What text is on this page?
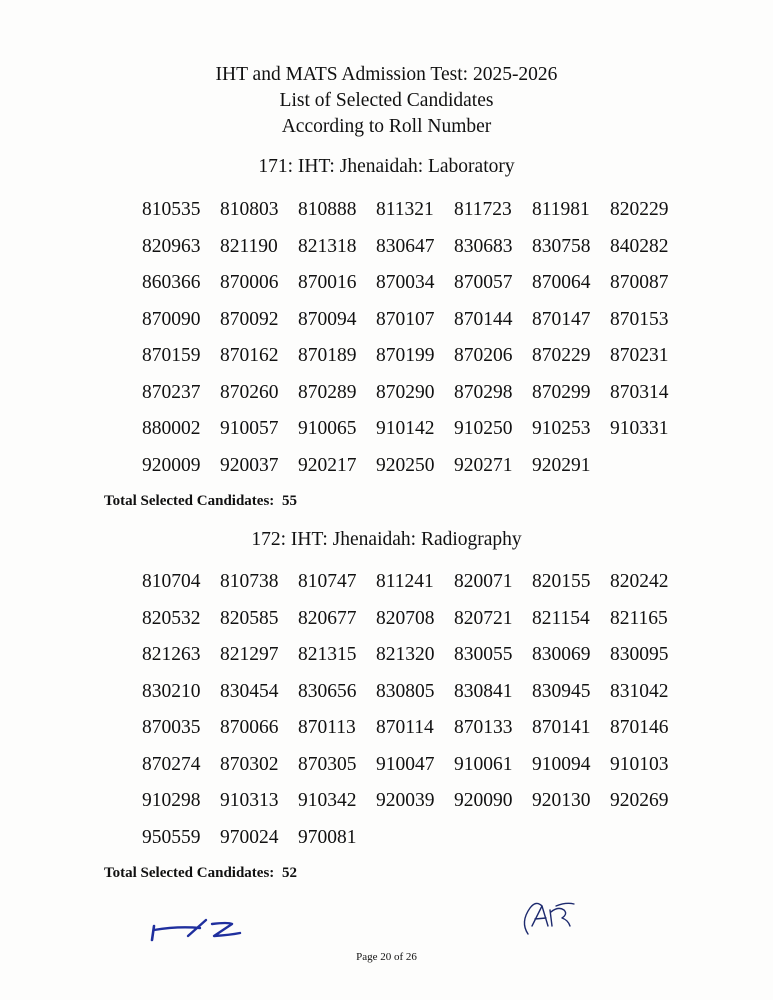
IHT and MATS Admission Test: 2025-2026
List of Selected Candidates
According to Roll Number
171: IHT: Jhenaidah: Laboratory
810535	810803	810888	811321	811723	811981	820229
820963	821190	821318	830647	830683	830758	840282
860366	870006	870016	870034	870057	870064	870087
870090	870092	870094	870107	870144	870147	870153
870159	870162	870189	870199	870206	870229	870231
870237	870260	870289	870290	870298	870299	870314
880002	910057	910065	910142	910250	910253	910331
920009	920037	920217	920250	920271	920291
Total Selected Candidates: 55
172: IHT: Jhenaidah: Radiography
810704	810738	810747	811241	820071	820155	820242
820532	820585	820677	820708	820721	821154	821165
821263	821297	821315	821320	830055	830069	830095
830210	830454	830656	830805	830841	830945	831042
870035	870066	870113	870114	870133	870141	870146
870274	870302	870305	910047	910061	910094	910103
910298	910313	910342	920039	920090	920130	920269
950559	970024	970081
Total Selected Candidates: 52
Page 20 of 26
